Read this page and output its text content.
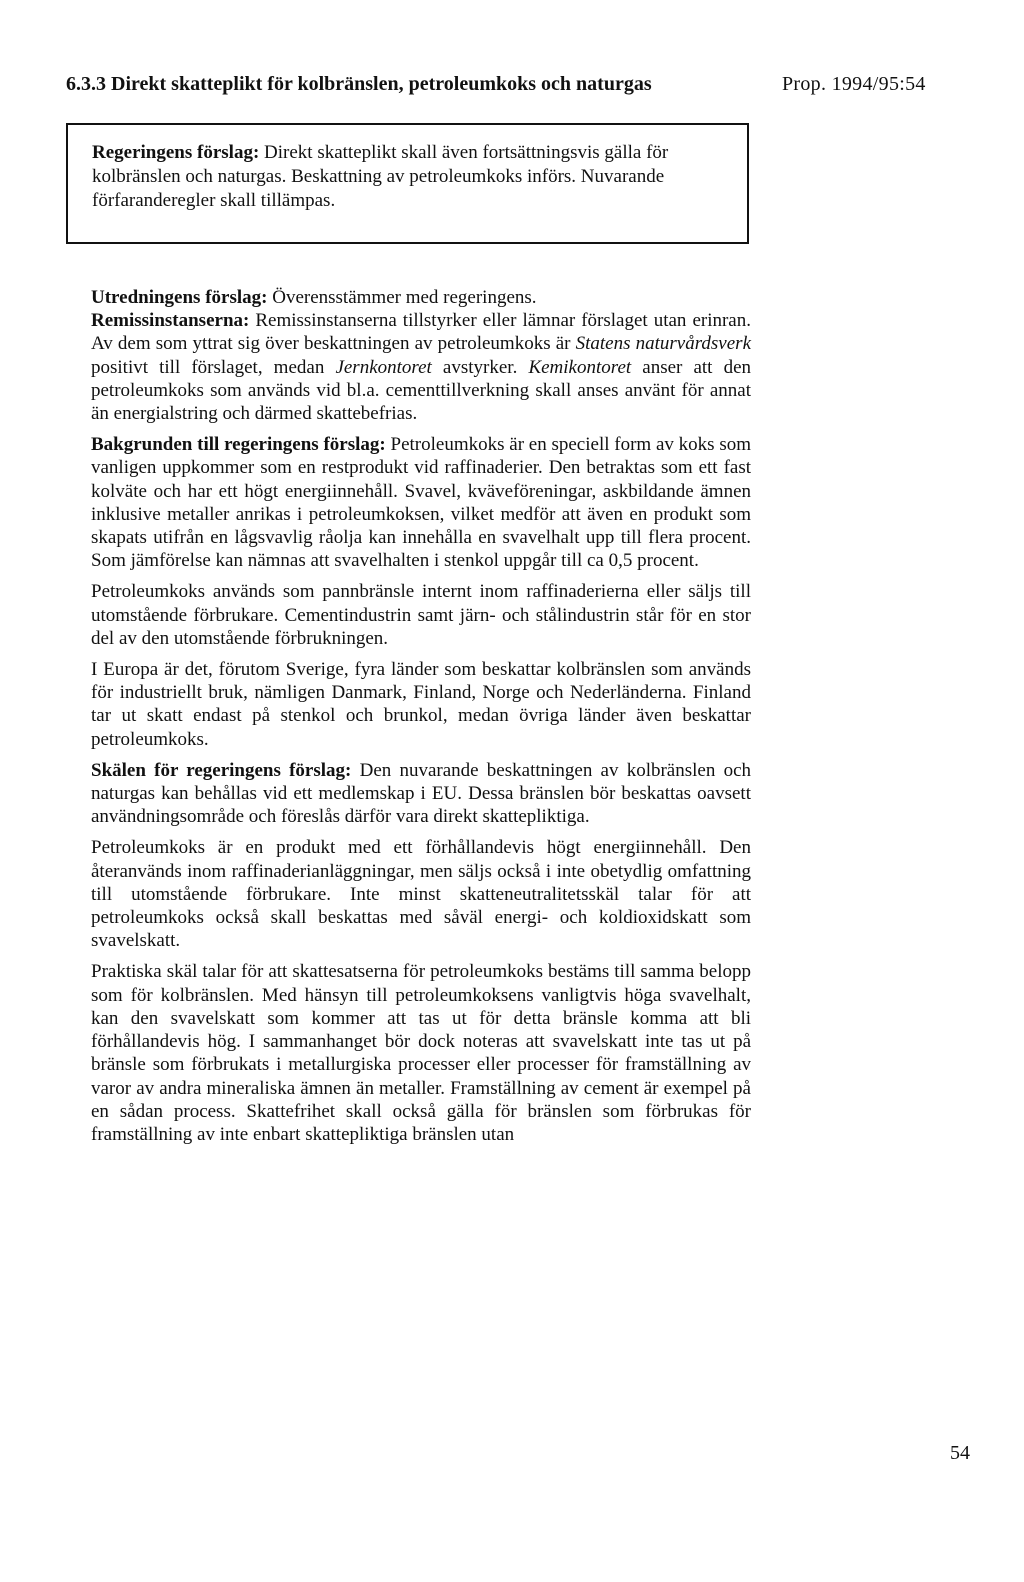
6.3.3 Direkt skatteplikt för kolbränslen, petroleumkoks och naturgas	Prop. 1994/95:54
Regeringens förslag: Direkt skatteplikt skall även fortsättningsvis gälla för kolbränslen och naturgas. Beskattning av petroleumkoks införs. Nuvarande förfaranderegler skall tillämpas.

Utredningens förslag: Överensstämmer med regeringens.

Remissinstanserna: Remissinstanserna tillstyrker eller lämnar förslaget utan erinran. Av dem som yttrat sig över beskattningen av petroleumkoks är Statens naturvårdsverk positivt till förslaget, medan Jernkontoret avstyrker. Kemikontoret anser att den petroleumkoks som används vid bl.a. cementtillverkning skall anses använt för annat än energialstring och därmed skattebefrias.

Bakgrunden till regeringens förslag: Petroleumkoks är en speciell form av koks som vanligen uppkommer som en restprodukt vid raffinaderier. Den betraktas som ett fast kolväte och har ett högt energiinnehåll. Svavel, kväveföreningar, askbildande ämnen inklusive metaller anrikas i petroleumkoksen, vilket medför att även en produkt som skapats utifrån en lågsvavlig råolja kan innehålla en svavelhalt upp till flera procent. Som jämförelse kan nämnas att svavelhalten i stenkol uppgår till ca 0,5 procent.

Petroleumkoks används som pannbränsle internt inom raffinaderierna eller säljs till utomstående förbrukare. Cementindustrin samt järn- och stålindustrin står för en stor del av den utomstående förbrukningen.

I Europa är det, förutom Sverige, fyra länder som beskattar kolbränslen som används för industriellt bruk, nämligen Danmark, Finland, Norge och Nederländerna. Finland tar ut skatt endast på stenkol och brunkol, medan övriga länder även beskattar petroleumkoks.

Skälen för regeringens förslag: Den nuvarande beskattningen av kolbränslen och naturgas kan behållas vid ett medlemskap i EU. Dessa bränslen bör beskattas oavsett användningsområde och föreslås därför vara direkt skattepliktiga.

Petroleumkoks är en produkt med ett förhållandevis högt energiinnehåll. Den återanvänds inom raffinaderianläggningar, men säljs också i inte obetydlig omfattning till utomstående förbrukare. Inte minst skatteneutralitetsskäl talar för att petroleumkoks också skall beskattas med såväl energi- och koldioxidskatt som svavelskatt.

Praktiska skäl talar för att skattesatserna för petroleumkoks bestäms till samma belopp som för kolbränslen. Med hänsyn till petroleumkoksens vanligtvis höga svavelhalt, kan den svavelskatt som kommer att tas ut för detta bränsle komma att bli förhållandevis hög. I sammanhanget bör dock noteras att svavelskatt inte tas ut på bränsle som förbrukats i metallurgiska processer eller processer för framställning av varor av andra mineraliska ämnen än metaller. Framställning av cement är exempel på en sådan process. Skattefrihet skall också gälla för bränslen som förbrukas för framställning av inte enbart skattepliktiga bränslen utan

54
